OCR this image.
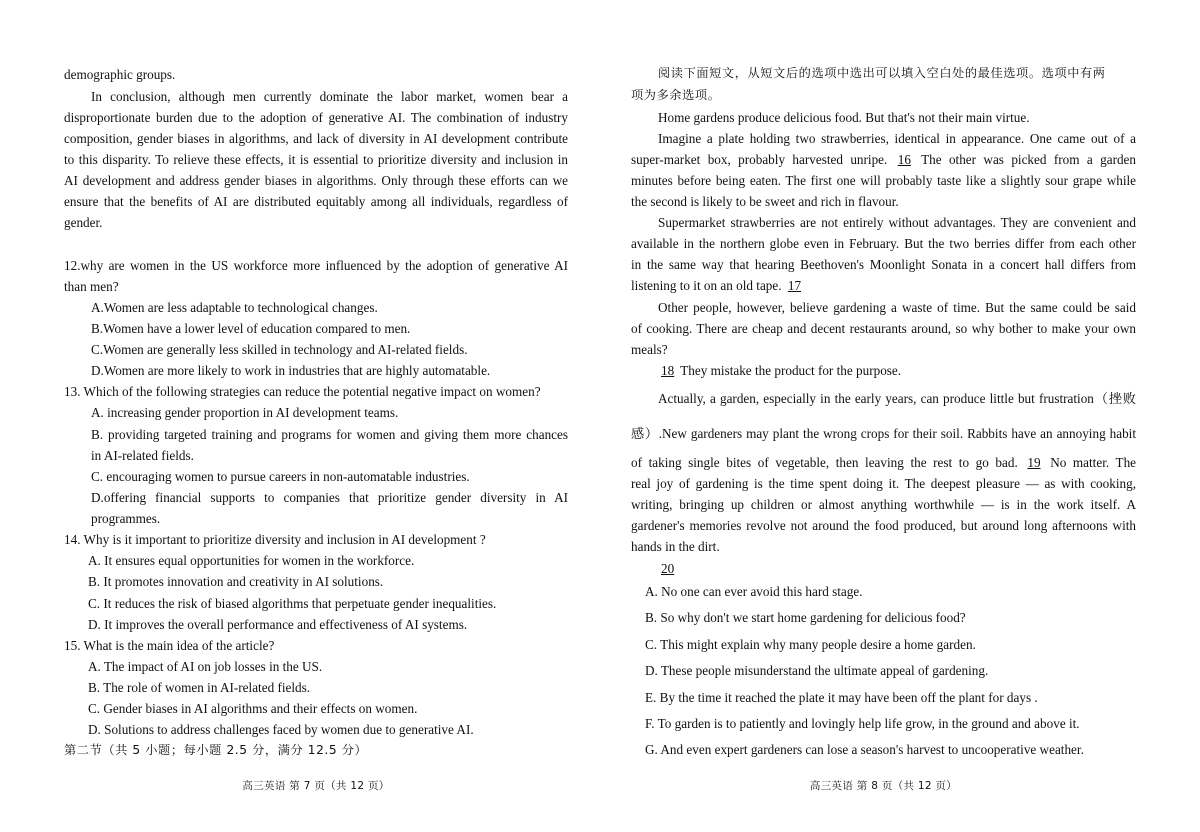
demographic groups.
In conclusion, although men currently dominate the labor market, women bear a
disproportionate burden due to the adoption of generative AI. The combination of industry
composition, gender biases in algorithms, and lack of diversity in AI development contribute
to this disparity. To relieve these effects, it is essential to prioritize diversity and inclusion in
AI development and address gender biases in algorithms. Only through these efforts can we
ensure that the benefits of AI are distributed equitably among all individuals, regardless of
gender.
12.why are women in the US workforce more influenced by the adoption of generative AI
than men?
A.Women are less adaptable to technological changes.
B.Women have a lower level of education compared to men.
C.Women are generally less skilled in technology and AI-related fields.
D.Women are more likely to work in industries that are highly automatable.
13. Which of the following strategies can reduce the potential negative impact on women?
A. increasing gender proportion in AI development teams.
B. providing targeted training and programs for women and giving them more chances
in AI-related fields.
C. encouraging women to pursue careers in non-automatable industries.
D.offering financial supports to companies that prioritize gender diversity in AI
programmes.
14. Why is it important to prioritize diversity and inclusion in AI development ?
A. It ensures equal opportunities for women in the workforce.
B. It promotes innovation and creativity in AI solutions.
C. It reduces the risk of biased algorithms that perpetuate gender inequalities.
D. It improves the overall performance and effectiveness of AI systems.
15. What is the main idea of the article?
A. The impact of AI on job losses in the US.
B. The role of women in AI-related fields.
C. Gender biases in AI algorithms and their effects on women.
D. Solutions to address challenges faced by women due to generative AI.
第二节（共 5 小题；每小题 2.5 分，满分 12.5 分）
高三英语 第 7 页（共 12 页）
阅读下面短文，从短文后的选项中选出可以填入空白处的最佳选项。选项中有两
项为多余选项。
Home gardens produce delicious food. But that's not their main virtue.
Imagine a plate holding two strawberries, identical in appearance. One came out of a
super-market box, probably harvested unripe. 16 The other was picked from a garden
minutes before being eaten. The first one will probably taste like a slightly sour grape while
the second is likely to be sweet and rich in flavour.
Supermarket strawberries are not entirely without advantages. They are convenient and
available in the northern globe even in February. But the two berries differ from each other
in the same way that hearing Beethoven's Moonlight Sonata in a concert hall differs from
listening to it on an old tape. 17
Other people, however, believe gardening a waste of time. But the same could be said
of cooking. There are cheap and decent restaurants around, so why bother to make your own
meals?
18 They mistake the product for the purpose.
Actually, a garden, especially in the early years, can produce little but frustration（挫败
感）.New gardeners may plant the wrong crops for their soil. Rabbits have an annoying habit
of taking single bites of vegetable, then leaving the rest to go bad. 19 No matter. The
real joy of gardening is the time spent doing it. The deepest pleasure — as with cooking,
writing, bringing up children or almost anything worthwhile — is in the work itself. A
gardener's memories revolve not around the food produced, but around long afternoons with
hands in the dirt.
20
A. No one can ever avoid this hard stage.
B. So why don't we start home gardening for delicious food?
C. This might explain why many people desire a home garden.
D. These people misunderstand the ultimate appeal of gardening.
E. By the time it reached the plate it may have been off the plant for days .
F. To garden is to patiently and lovingly help life grow, in the ground and above it.
G. And even expert gardeners can lose a season's harvest to uncooperative weather.
高三英语 第 8 页（共 12 页）
